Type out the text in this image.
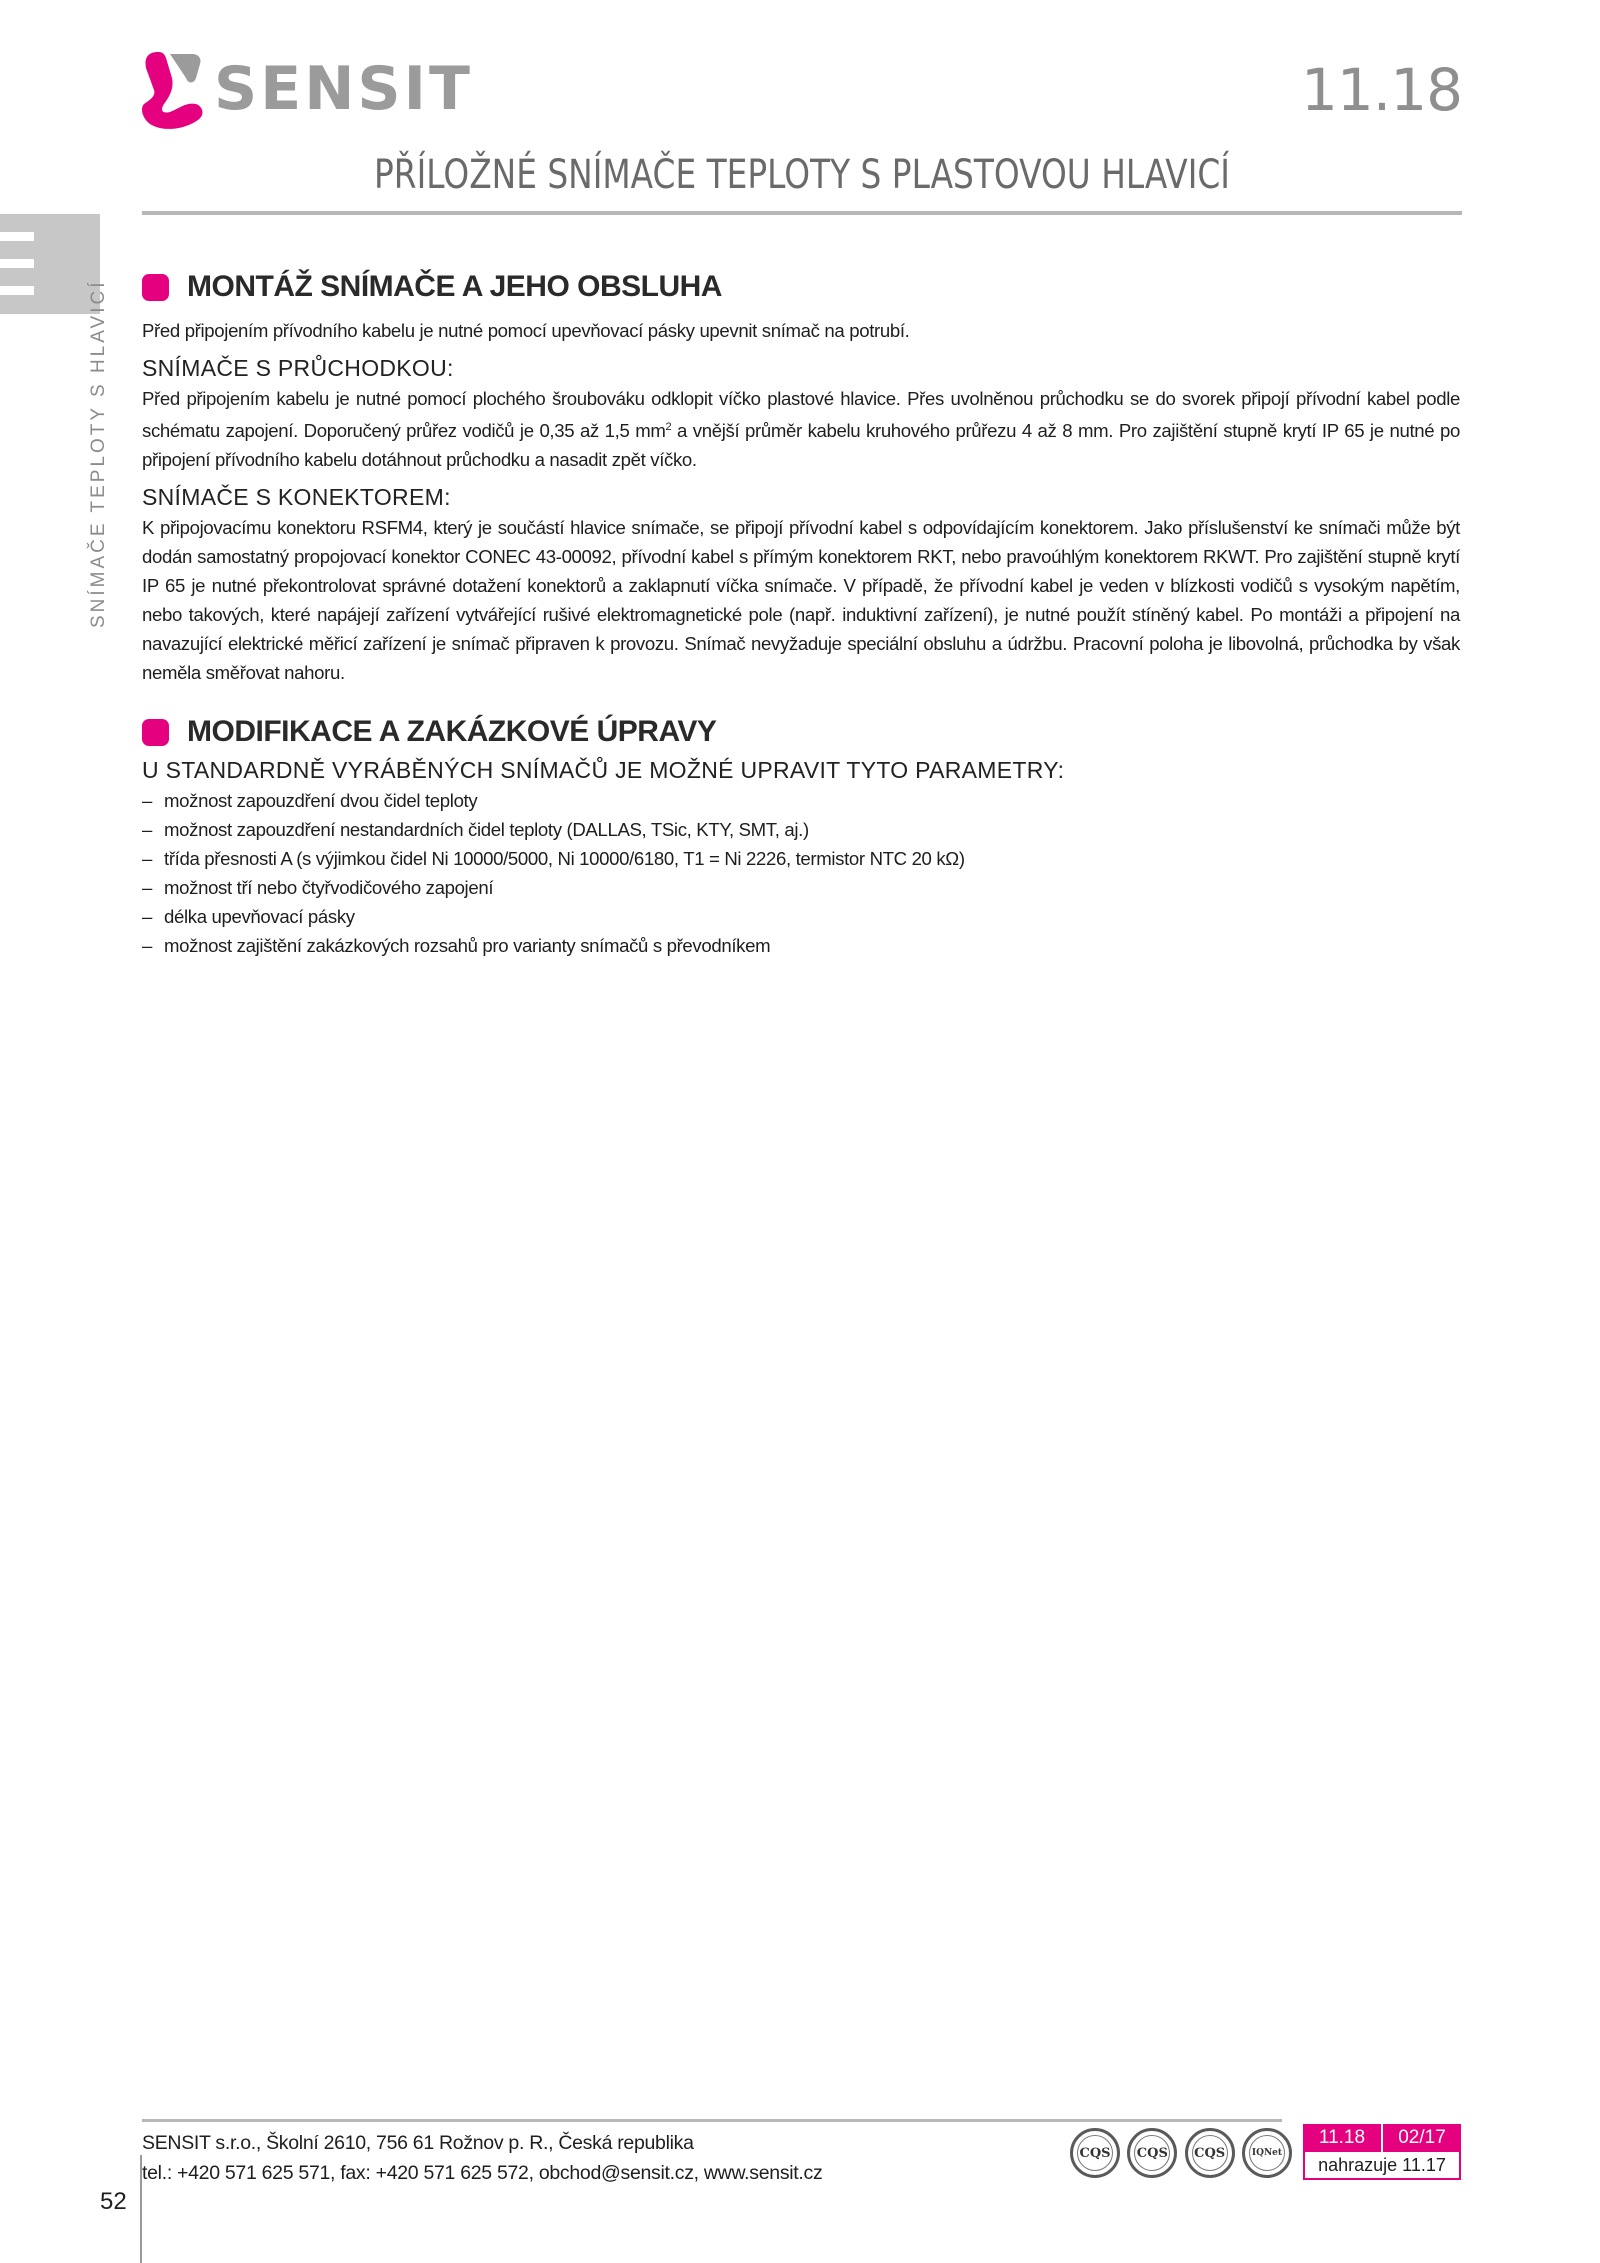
SENSIT	11.18
PŘÍLOŽNÉ SNÍMAČE TEPLOTY S PLASTOVOU HLAVICÍ
SNÍMAČE TEPLOTY S HLAVICÍ	MONTÁŽ SNÍMAČE A JEHO OBSLUHA

Před připojením přívodního kabelu je nutné pomocí upevňovací pásky upevnit snímač na potrubí.

SNÍMAČE S PRŮCHODKOU:

Před připojením kabelu je nutné pomocí plochého šroubováku odklopit víčko plastové hlavice. Přes uvolněnou průchodku se do svorek připojí přívodní kabel podle schématu zapojení. Doporučený průřez vodičů je 0,35 až 1,5 $mm^2$ a vnější průměr kabelu kruhového průřezu 4 až 8 mm. Pro zajištění stupně krytí IP 65 je nutné po připojení přívodního kabelu dotáhnout průchodku a nasadit zpět víčko.

SNÍMAČE S KONEKTOREM:

K připojovacímu konektoru RSFM4, který je součástí hlavice snímače, se připojí přívodní kabel s odpovídajícím konektorem. Jako příslušenství ke snímači může být dodán samostatný propojovací konektor CONEC 43-00092, přívodní kabel s přímým konektorem RKT, nebo pravoúhlým konektorem RKWT. Pro zajištění stupně krytí IP 65 je nutné překontrolovat správné dotažení konektorů a zaklapnutí víčka snímače. V případě, že přívodní kabel je veden v blízkosti vodičů s vysokým napětím, nebo takových, které napájejí zařízení vytvářející rušivé elektromagnetické pole (např. induktivní zařízení), je nutné použít stíněný kabel. Po montáži a připojení na navazující elektrické měřicí zařízení je snímač připraven k provozu. Snímač nevyžaduje speciální obsluhu a údržbu. Pracovní poloha je libovolná, průchodka by však neměla směřovat nahoru.

MODIFIKACE A ZAKÁZKOVÉ ÚPRAVY
U STANDARDNĚ VYRÁBĚNÝCH SNÍMAČŮ JE MOŽNÉ UPRAVIT TYTO PARAMETRY:
– možnost zapouzdření dvou čidel teploty
– možnost zapouzdření nestandardních čidel teploty (DALLAS, TSic, KTY, SMT, aj.)
– třída přesnosti A (s výjimkou čidel Ni 10000/5000, Ni 10000/6180, T1 = Ni 2226, termistor NTC 20 kΩ)
– možnost tří nebo čtyřvodičového zapojení
– délka upevňovací pásky
– možnost zajištění zakázkových rozsahů pro varianty snímačů s převodníkem
SENSIT s.r.o., Školní 2610, 756 61 Rožnov p. R., Česká republika
tel.: +420 571 625 571, fax: +420 571 625 572, obchod@sensit.cz, www.sensit.cz
52
CQS CQS CQS	IQNet
11.18	02/17
nahrazuje 11.17
